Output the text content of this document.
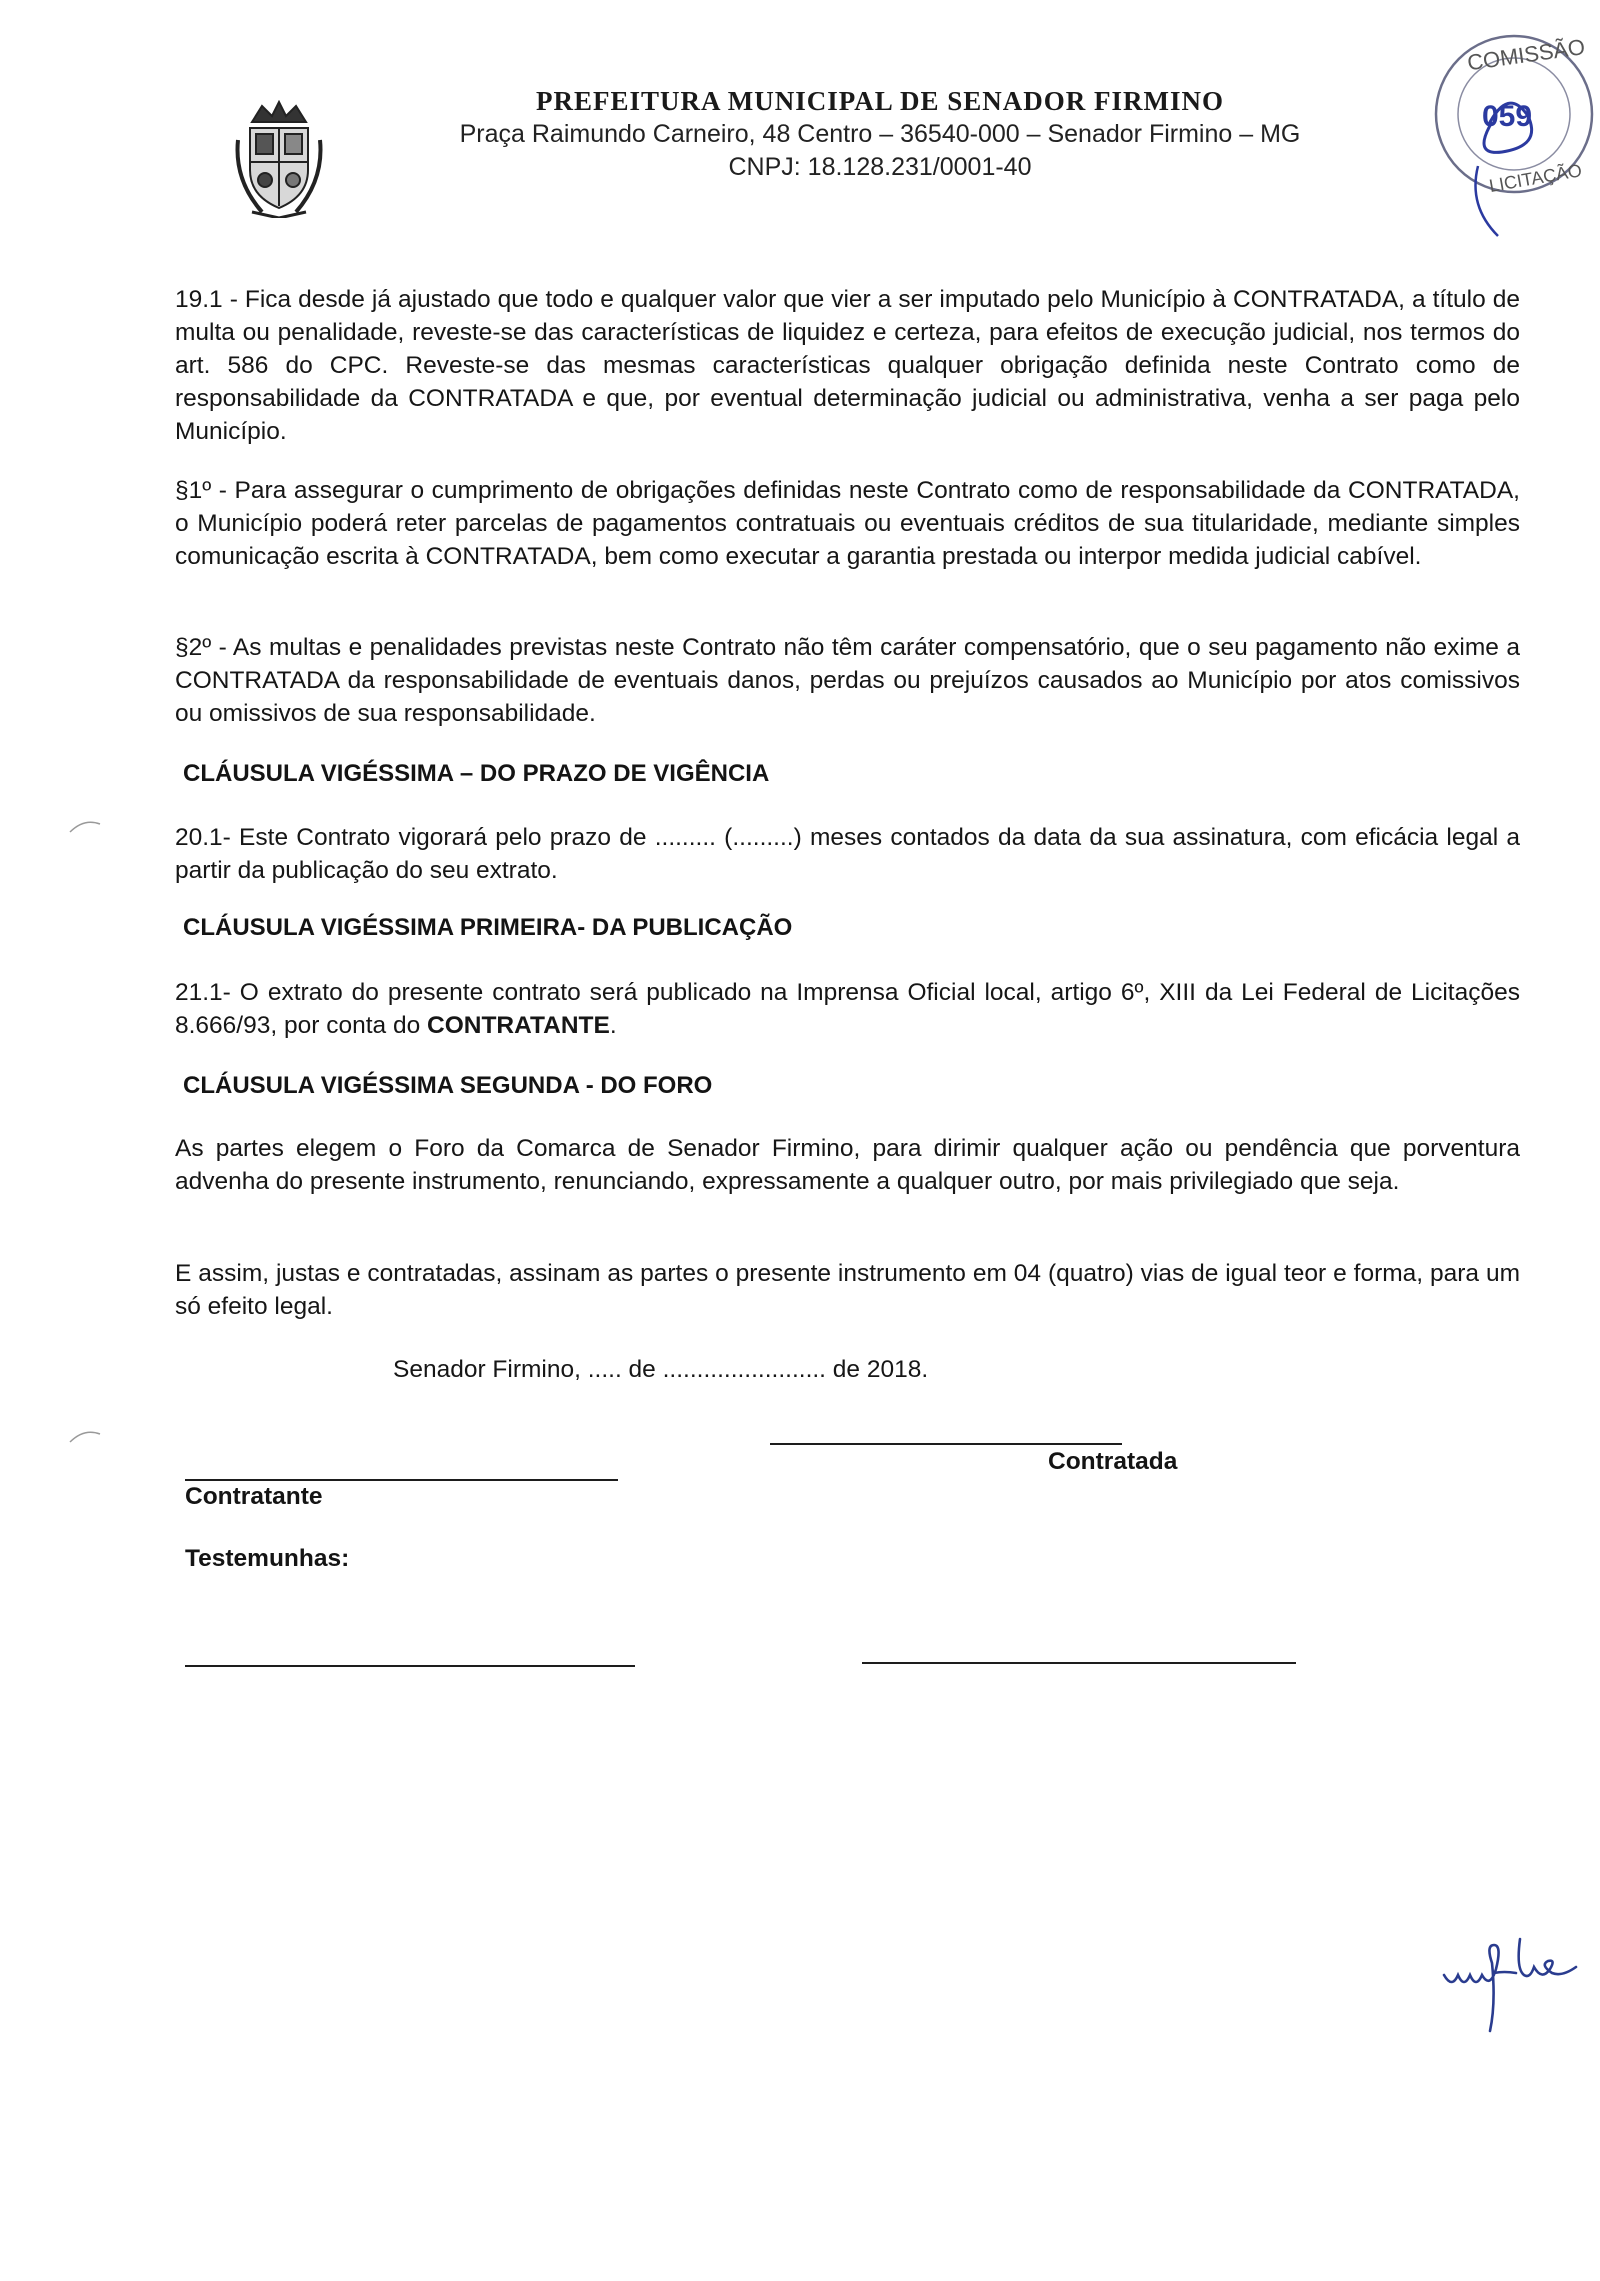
PREFEITURA MUNICIPAL DE SENADOR FIRMINO
Praça Raimundo Carneiro, 48 Centro – 36540-000 – Senador Firmino – MG
CNPJ: 18.128.231/0001-40
COMISSÃO
059
LICITAÇÃO

19.1 - Fica desde já ajustado que todo e qualquer valor que vier a ser imputado pelo Município à CONTRATADA, a título de multa ou penalidade, reveste-se das características de liquidez e certeza, para efeitos de execução judicial, nos termos do art. 586 do CPC. Reveste-se das mesmas características qualquer obrigação definida neste Contrato como de responsabilidade da CONTRATADA e que, por eventual determinação judicial ou administrativa, venha a ser paga pelo Município.

§1º - Para assegurar o cumprimento de obrigações definidas neste Contrato como de responsabilidade da CONTRATADA, o Município poderá reter parcelas de pagamentos contratuais ou eventuais créditos de sua titularidade, mediante simples comunicação escrita à CONTRATADA, bem como executar a garantia prestada ou interpor medida judicial cabível.

§2º - As multas e penalidades previstas neste Contrato não têm caráter compensatório, que o seu pagamento não exime a CONTRATADA da responsabilidade de eventuais danos, perdas ou prejuízos causados ao Município por atos comissivos ou omissivos de sua responsabilidade.

CLÁUSULA VIGÉSSIMA – DO PRAZO DE VIGÊNCIA

20.1- Este Contrato vigorará pelo prazo de ......... (.........) meses contados da data da sua assinatura, com eficácia legal a partir da publicação do seu extrato.

CLÁUSULA VIGÉSSIMA PRIMEIRA- DA PUBLICAÇÃO

21.1- O extrato do presente contrato será publicado na Imprensa Oficial local, artigo 6º, XIII da Lei Federal de Licitações 8.666/93, por conta do CONTRATANTE.

CLÁUSULA VIGÉSSIMA SEGUNDA - DO FORO

As partes elegem o Foro da Comarca de Senador Firmino, para dirimir qualquer ação ou pendência que porventura advenha do presente instrumento, renunciando, expressamente a qualquer outro, por mais privilegiado que seja.

E assim, justas e contratadas, assinam as partes o presente instrumento em 04 (quatro) vias de igual teor e forma, para um só efeito legal.

Senador Firmino, ..... de ........................ de 2018.
Contratada
Contratante
Testemunhas:
